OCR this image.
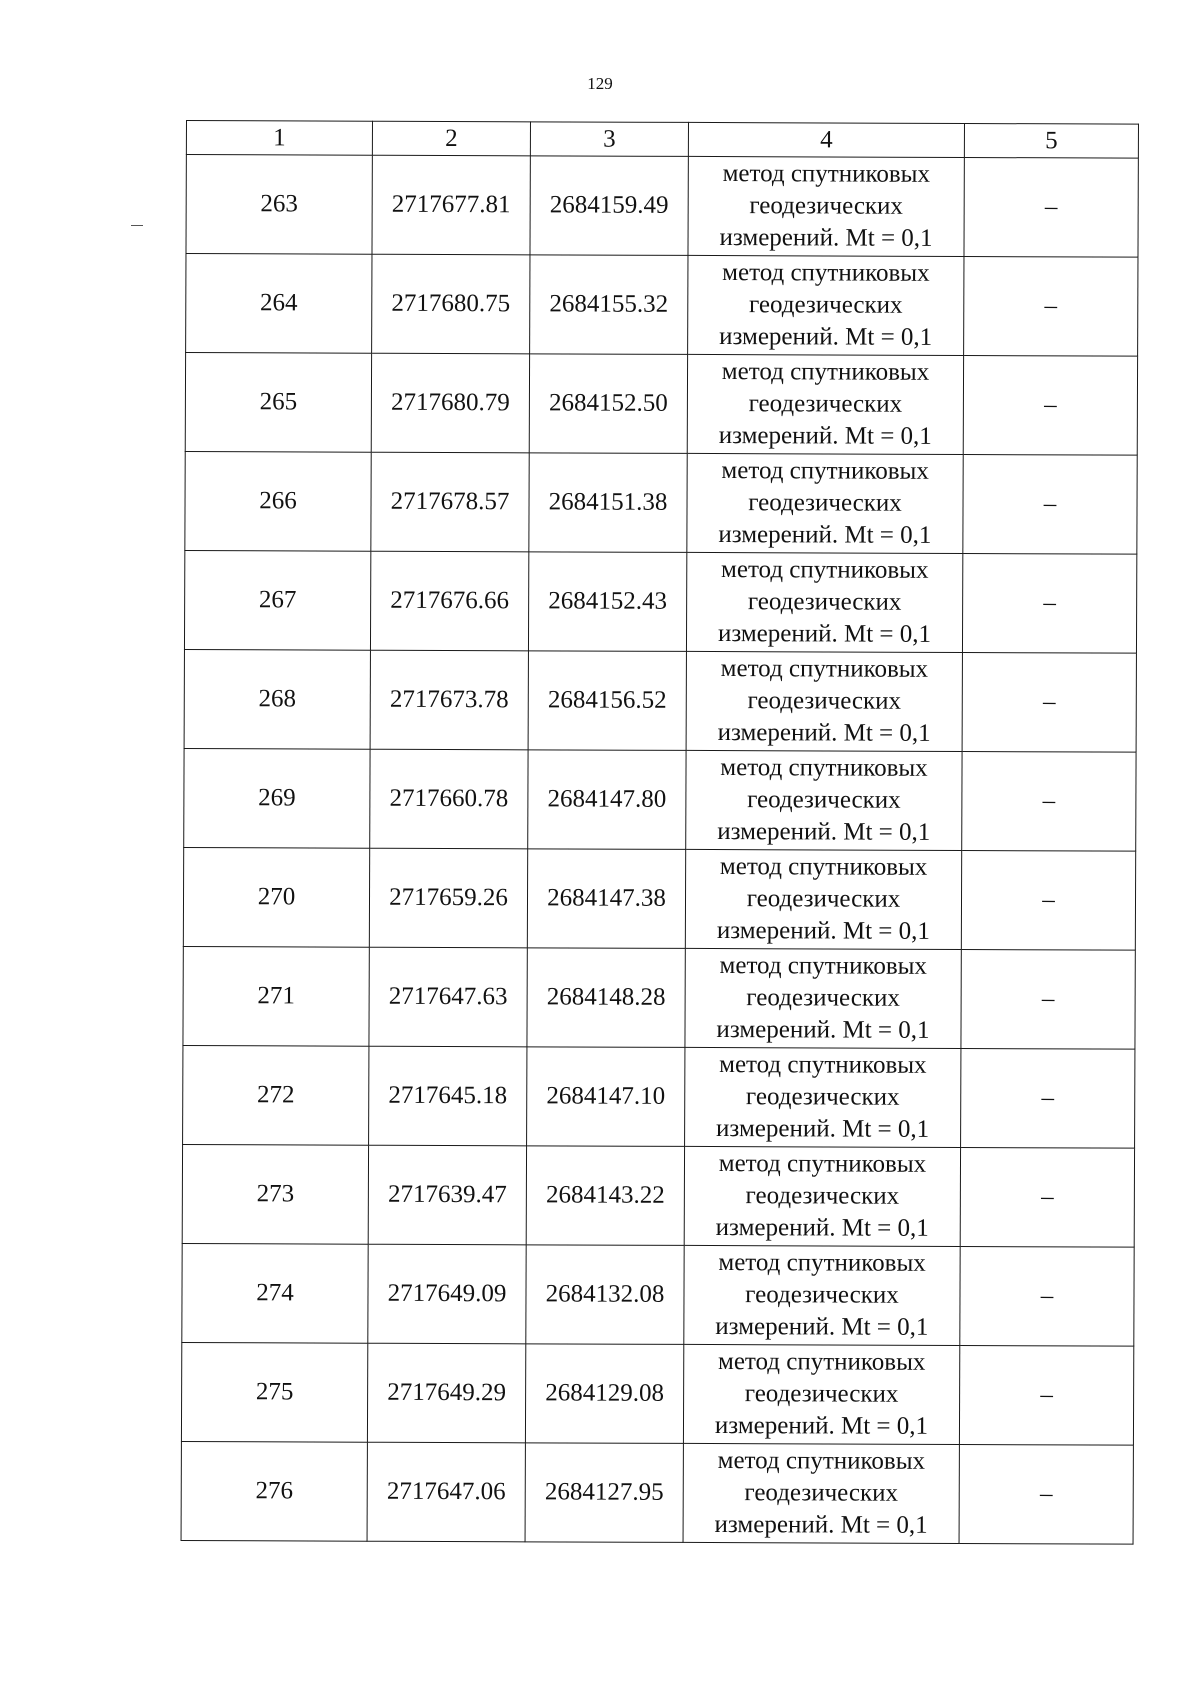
129
1	2	3	4	5
263	2717677.81	2684159.49	метод спутниковых
геодезических
измерений. Mt = 0,1	–
264	2717680.75	2684155.32	метод спутниковых
геодезических
измерений. Mt = 0,1	–
265	2717680.79	2684152.50	метод спутниковых
геодезических
измерений. Mt = 0,1	–
266	2717678.57	2684151.38	метод спутниковых
геодезических
измерений. Mt = 0,1	–
267	2717676.66	2684152.43	метод спутниковых
геодезических
измерений. Mt = 0,1	–
268	2717673.78	2684156.52	метод спутниковых
геодезических
измерений. Mt = 0,1	–
269	2717660.78	2684147.80	метод спутниковых
геодезических
измерений. Mt = 0,1	–
270	2717659.26	2684147.38	метод спутниковых
геодезических
измерений. Mt = 0,1	–
271	2717647.63	2684148.28	метод спутниковых
геодезических
измерений. Mt = 0,1	–
272	2717645.18	2684147.10	метод спутниковых
геодезических
измерений. Mt = 0,1	–
273	2717639.47	2684143.22	метод спутниковых
геодезических
измерений. Mt = 0,1	–
274	2717649.09	2684132.08	метод спутниковых
геодезических
измерений. Mt = 0,1	–
275	2717649.29	2684129.08	метод спутниковых
геодезических
измерений. Mt = 0,1	–
276	2717647.06	2684127.95	метод спутниковых
геодезических
измерений. Mt = 0,1	–
